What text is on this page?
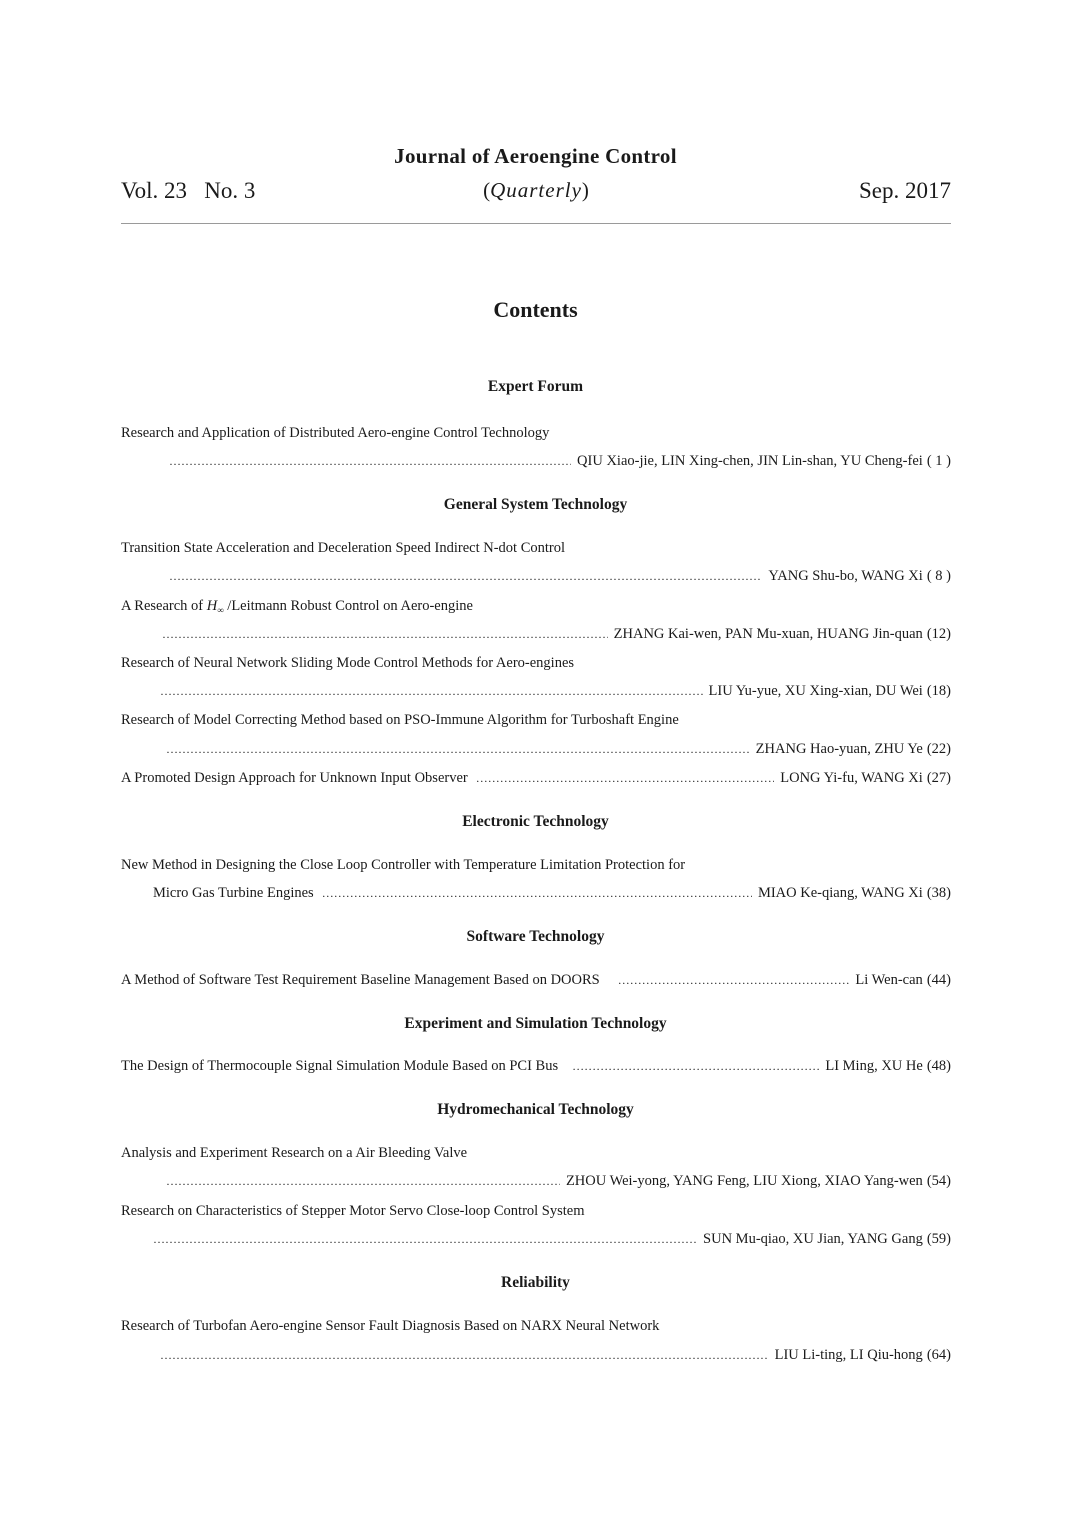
Journal of Aeroengine Control
Vol. 23 No. 3	(Quarterly)	Sep. 2017
Contents
Expert Forum
Research and Application of Distributed Aero-engine Control Technology
…………………………………………………………………………………………………………………………………………………………………………
QIU Xiao-jie, LIN Xing-chen, JIN Lin-shan, YU Cheng-fei ( 1 )
General System Technology
Transition State Acceleration and Deceleration Speed Indirect N-dot Control
…………………………………………………………………………………………………………………………………………………………………………
YANG Shu-bo, WANG Xi ( 8 )
A Research of $H_\infty$ /Leitmann Robust Control on Aero-engine
…………………………………………………………………………………………………………………………………………………………………………
ZHANG Kai-wen, PAN Mu-xuan, HUANG Jin-quan ( 12 )
Research of Neural Network Sliding Mode Control Methods for Aero-engines
…………………………………………………………………………………………………………………………………………………………………………
LIU Yu-yue, XU Xing-xian, DU Wei ( 18 )
Research of Model Correcting Method based on PSO-Immune Algorithm for Turboshaft Engine
…………………………………………………………………………………………………………………………………………………………………………
ZHANG Hao-yuan, ZHU Ye ( 22 )
A Promoted Design Approach for Unknown Input Observer …………………………………………………………………………………………………………………………………………………………………………	LONG Yi-fu, WANG Xi ( 27 )
Electronic Technology
New Method in Designing the Close Loop Controller with Temperature Limitation Protection for
Micro Gas Turbine Engines …………………………………………………………………………………………………………………………………………………………………………	MIAO Ke-qiang, WANG Xi ( 38 )
Software Technology
A Method of Software Test Requirement Baseline Management Based on DOORS …………………………………………………………………………………………………………………………………………………………………………	Li Wen-can ( 44 )
Experiment and Simulation Technology
The Design of Thermocouple Signal Simulation Module Based on PCI Bus …………………………………………………………………………………………………………………………………………………………………………	LI Ming, XU He ( 48 )
Hydromechanical Technology
Analysis and Experiment Research on a Air Bleeding Valve
…………………………………………………………………………………………………………………………………………………………………………
ZHOU Wei-yong, YANG Feng, LIU Xiong, XIAO Yang-wen ( 54 )
Research on Characteristics of Stepper Motor Servo Close-loop Control System
…………………………………………………………………………………………………………………………………………………………………………
SUN Mu-qiao, XU Jian, YANG Gang ( 59 )
Reliability
Research of Turbofan Aero-engine Sensor Fault Diagnosis Based on NARX Neural Network
…………………………………………………………………………………………………………………………………………………………………………
LIU Li-ting, LI Qiu-hong ( 64 )
